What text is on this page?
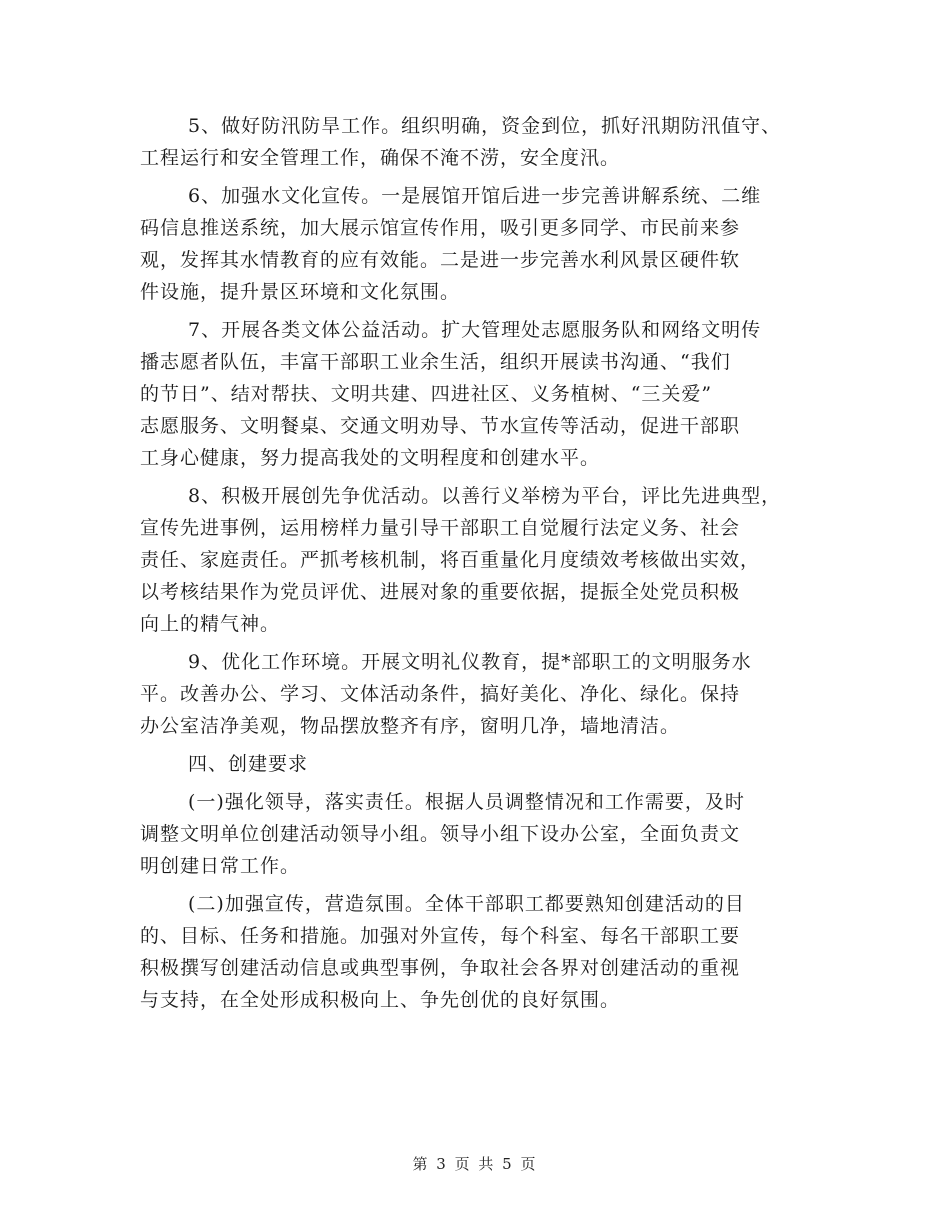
5、做好防汛防旱工作。组织明确，资金到位，抓好汛期防汛值守、
工程运行和安全管理工作，确保不淹不涝，安全度汛。
6、加强水文化宣传。一是展馆开馆后进一步完善讲解系统、二维
码信息推送系统，加大展示馆宣传作用，吸引更多同学、市民前来参
观，发挥其水情教育的应有效能。二是进一步完善水利风景区硬件软
件设施，提升景区环境和文化氛围。
7、开展各类文体公益活动。扩大管理处志愿服务队和网络文明传
播志愿者队伍，丰富干部职工业余生活，组织开展读书沟通、“我们
的节日”、结对帮扶、文明共建、四进社区、义务植树、“三关爱”
志愿服务、文明餐桌、交通文明劝导、节水宣传等活动，促进干部职
工身心健康，努力提高我处的文明程度和创建水平。
8、积极开展创先争优活动。以善行义举榜为平台，评比先进典型，
宣传先进事例，运用榜样力量引导干部职工自觉履行法定义务、社会
责任、家庭责任。严抓考核机制，将百重量化月度绩效考核做出实效，
以考核结果作为党员评优、进展对象的重要依据，提振全处党员积极
向上的精气神。
9、优化工作环境。开展文明礼仪教育，提*部职工的文明服务水
平。改善办公、学习、文体活动条件，搞好美化、净化、绿化。保持
办公室洁净美观，物品摆放整齐有序，窗明几净，墙地清洁。
四、创建要求
(一)强化领导，落实责任。根据人员调整情况和工作需要，及时
调整文明单位创建活动领导小组。领导小组下设办公室，全面负责文
明创建日常工作。
(二)加强宣传，营造氛围。全体干部职工都要熟知创建活动的目
的、目标、任务和措施。加强对外宣传，每个科室、每名干部职工要
积极撰写创建活动信息或典型事例，争取社会各界对创建活动的重视
与支持，在全处形成积极向上、争先创优的良好氛围。
第 3 页 共 5 页
